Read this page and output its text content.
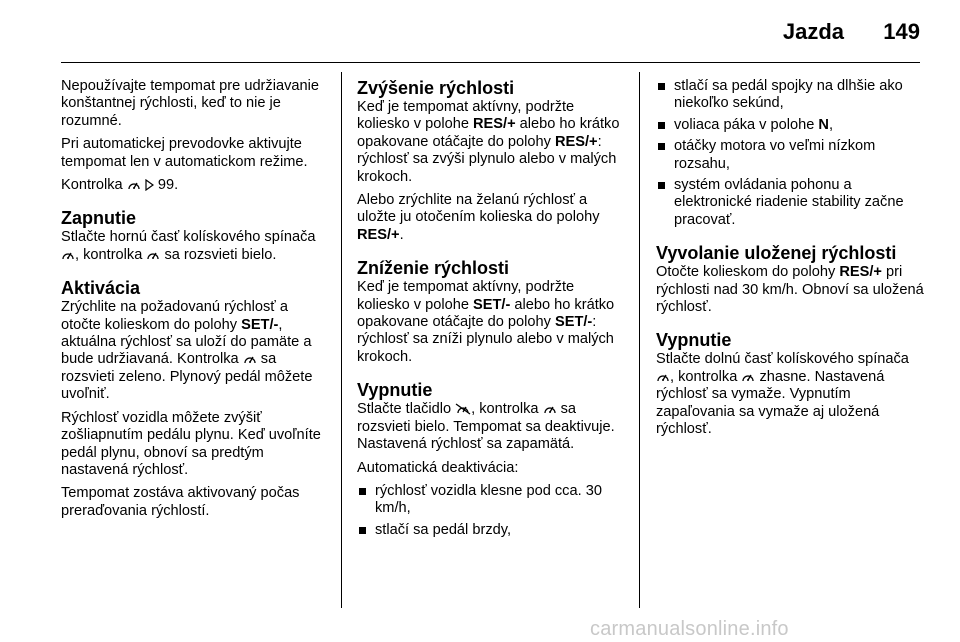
Jazda 149

Nepoužívajte tempomat pre udržiavanie konštantnej rýchlosti, keď to nie je rozumné.

Pri automatickej prevodovke aktivujte tempomat len v automatickom režime.

Kontrolka   99.

Zapnutie

Stlačte hornú časť kolískového spínača , kontrolka  sa rozsvieti bielo.

Aktivácia

Zrýchlite na požadovanú rýchlosť a otočte kolieskom do polohy SET/-, aktuálna rýchlosť sa uloží do pamäte a bude udržiavaná. Kontrolka  sa rozsvieti zeleno. Plynový pedál môžete uvoľniť.

Rýchlosť vozidla môžete zvýšiť zošliapnutím pedálu plynu. Keď uvoľníte pedál plynu, obnoví sa predtým nastavená rýchlosť.

Tempomat zostáva aktivovaný počas preraďovania rýchlostí.

Zvýšenie rýchlosti

Keď je tempomat aktívny, podržte koliesko v polohe RES/+ alebo ho krátko opakovane otáčajte do polohy RES/+: rýchlosť sa zvýši plynulo alebo v malých krokoch.

Alebo zrýchlite na želanú rýchlosť a uložte ju otočením kolieska do polohy RES/+.

Zníženie rýchlosti

Keď je tempomat aktívny, podržte koliesko v polohe SET/- alebo ho krátko opakovane otáčajte do polohy SET/-: rýchlosť sa zníži plynulo alebo v malých krokoch.

Vypnutie

Stlačte tlačidlo , kontrolka  sa rozsvieti bielo. Tempomat sa deaktivuje. Nastavená rýchlosť sa zapamätá.

Automatická deaktivácia:

rýchlosť vozidla klesne pod cca. 30 km/h,
stlačí sa pedál brzdy,
stlačí sa pedál spojky na dlhšie ako niekoľko sekúnd,
voliaca páka v polohe N,
otáčky motora vo veľmi nízkom rozsahu,
systém ovládania pohonu a elektronické riadenie stability začne pracovať.
Vyvolanie uloženej rýchlosti

Otočte kolieskom do polohy RES/+ pri rýchlosti nad 30 km/h. Obnoví sa uložená rýchlosť.

Vypnutie

Stlačte dolnú časť kolískového spínača , kontrolka  zhasne. Nastavená rýchlosť sa vymaže. Vypnutím zapaľovania sa vymaže aj uložená rýchlosť.

carmanualsonline.info
